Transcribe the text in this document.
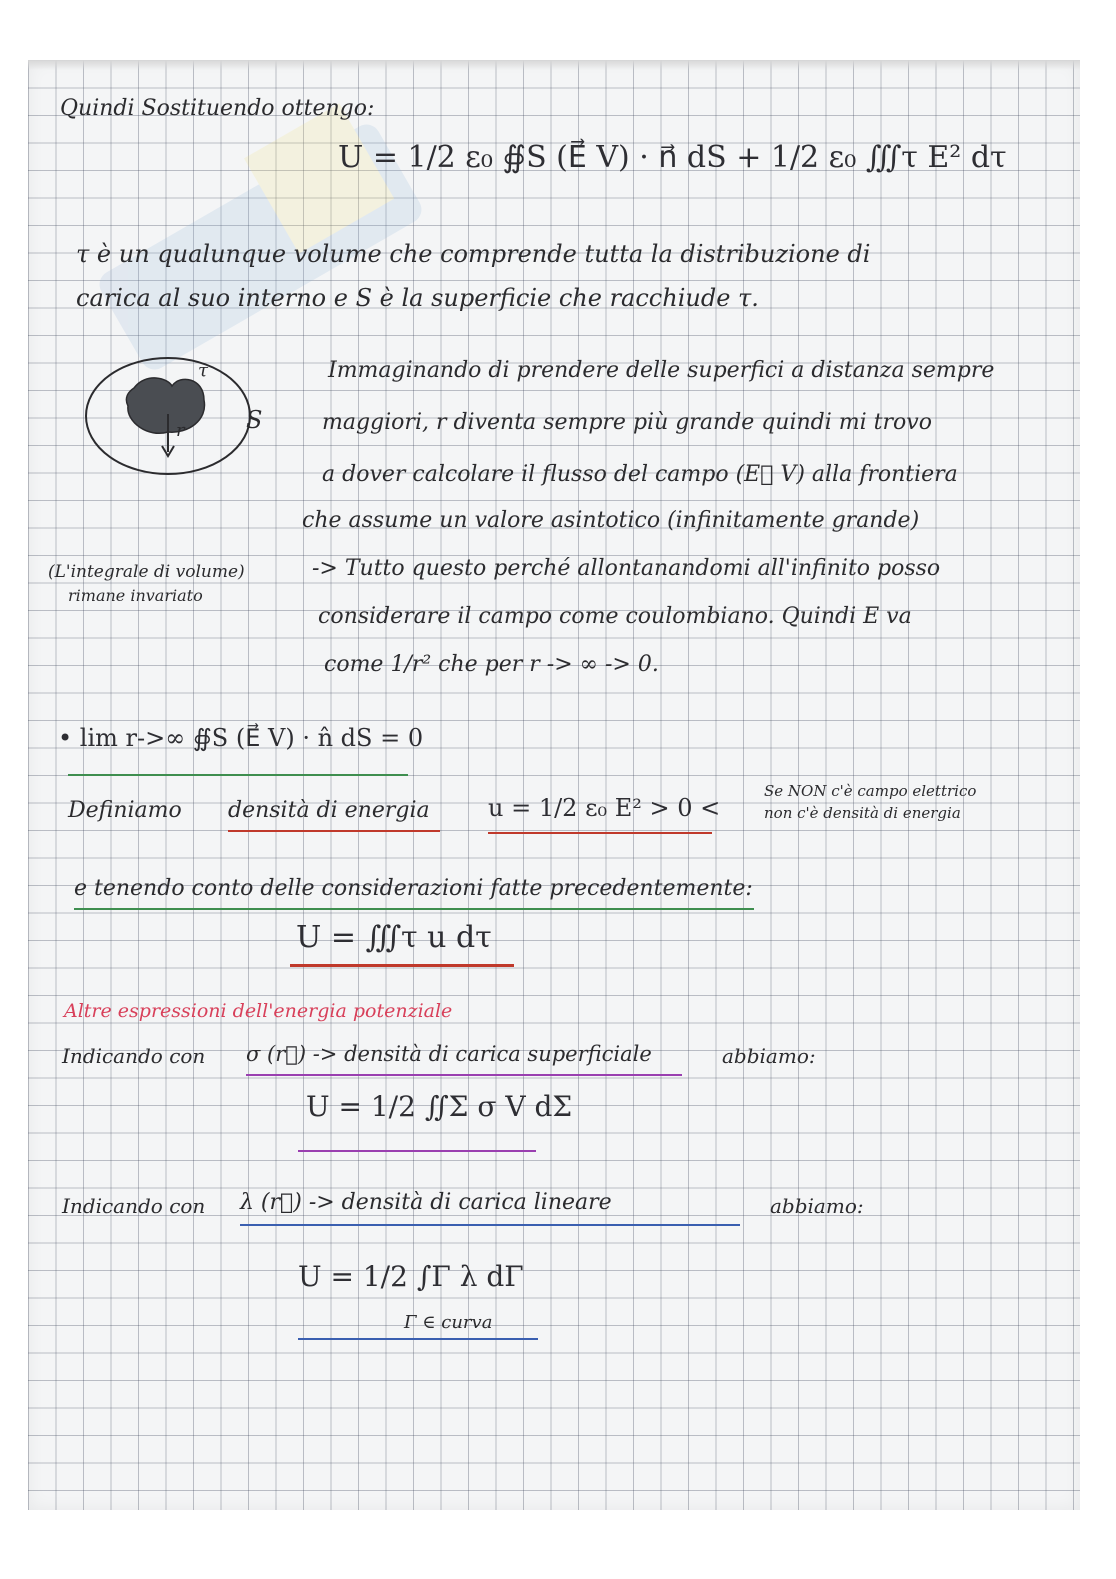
Quindi Sostituendo ottengo:
U = 1/2 ε₀ ∯S (E⃗ V) · n⃗ dS + 1/2 ε₀ ∭τ E² dτ
τ è un qualunque volume che comprende tutta la distribuzione di
carica al suo interno e S è la superficie che racchiude τ.
τ
r	S
Immaginando di prendere delle superfici a distanza sempre
maggiori, r diventa sempre più grande quindi mi trovo
a dover calcolare il flusso del campo (E⃗ V) alla frontiera
che assume un valore asintotico (infinitamente grande)
(L'integrale di volume)
rimane invariato
-> Tutto questo perché allontanandomi all'infinito posso
considerare il campo come coulombiano. Quindi E va
come 1/r² che per r -> ∞ -> 0.
• lim r->∞ ∯S (E⃗ V) · n̂ dS = 0
Definiamo densità di energia u = 1/2 ε₀ E² > 0 <
Se NON c'è campo elettrico
non c'è densità di energia
e tenendo conto delle considerazioni fatte precedentemente:
U = ∭τ u dτ
Altre espressioni dell'energia potenziale
Indicando con σ (r⃗) -> densità di carica superficiale	abbiamo:
U = 1/2 ∬Σ σ V dΣ
Indicando con λ (r⃗) -> densità di carica lineare	abbiamo:
U = 1/2 ∫Γ λ dΓ
Γ ∈ curva
